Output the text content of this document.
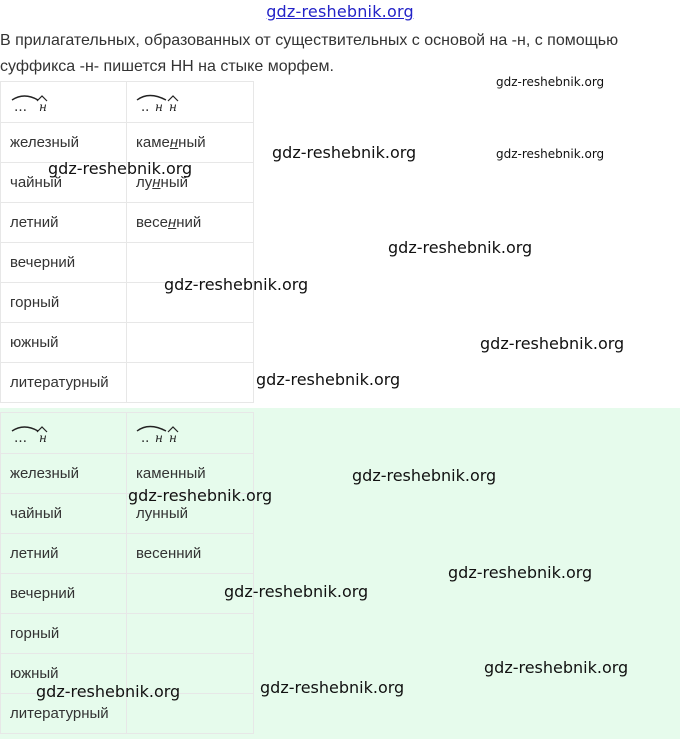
gdz-reshebnik.org
В прилагательных, образованных от существительных с основой на -н, с помощью суффикса -н- пишется НН на стыке морфем.
… н	.. н н

железный	каменный
чайный	лунный
летний	весенний
вечерний	
горный	
южный	
литературный	
… н	.. н н

железный	каменный
чайный	лунный
летний	весенний
вечерний	
горный	
южный	
литературный	
gdz-reshebnik.org
gdz-reshebnik.org	gdz-reshebnik.org
gdz-reshebnik.org
gdz-reshebnik.org
gdz-reshebnik.org
gdz-reshebnik.org
gdz-reshebnik.org
gdz-reshebnik.org
gdz-reshebnik.org
gdz-reshebnik.org
gdz-reshebnik.org
gdz-reshebnik.org
gdz-reshebnik.org
gdz-reshebnik.org
